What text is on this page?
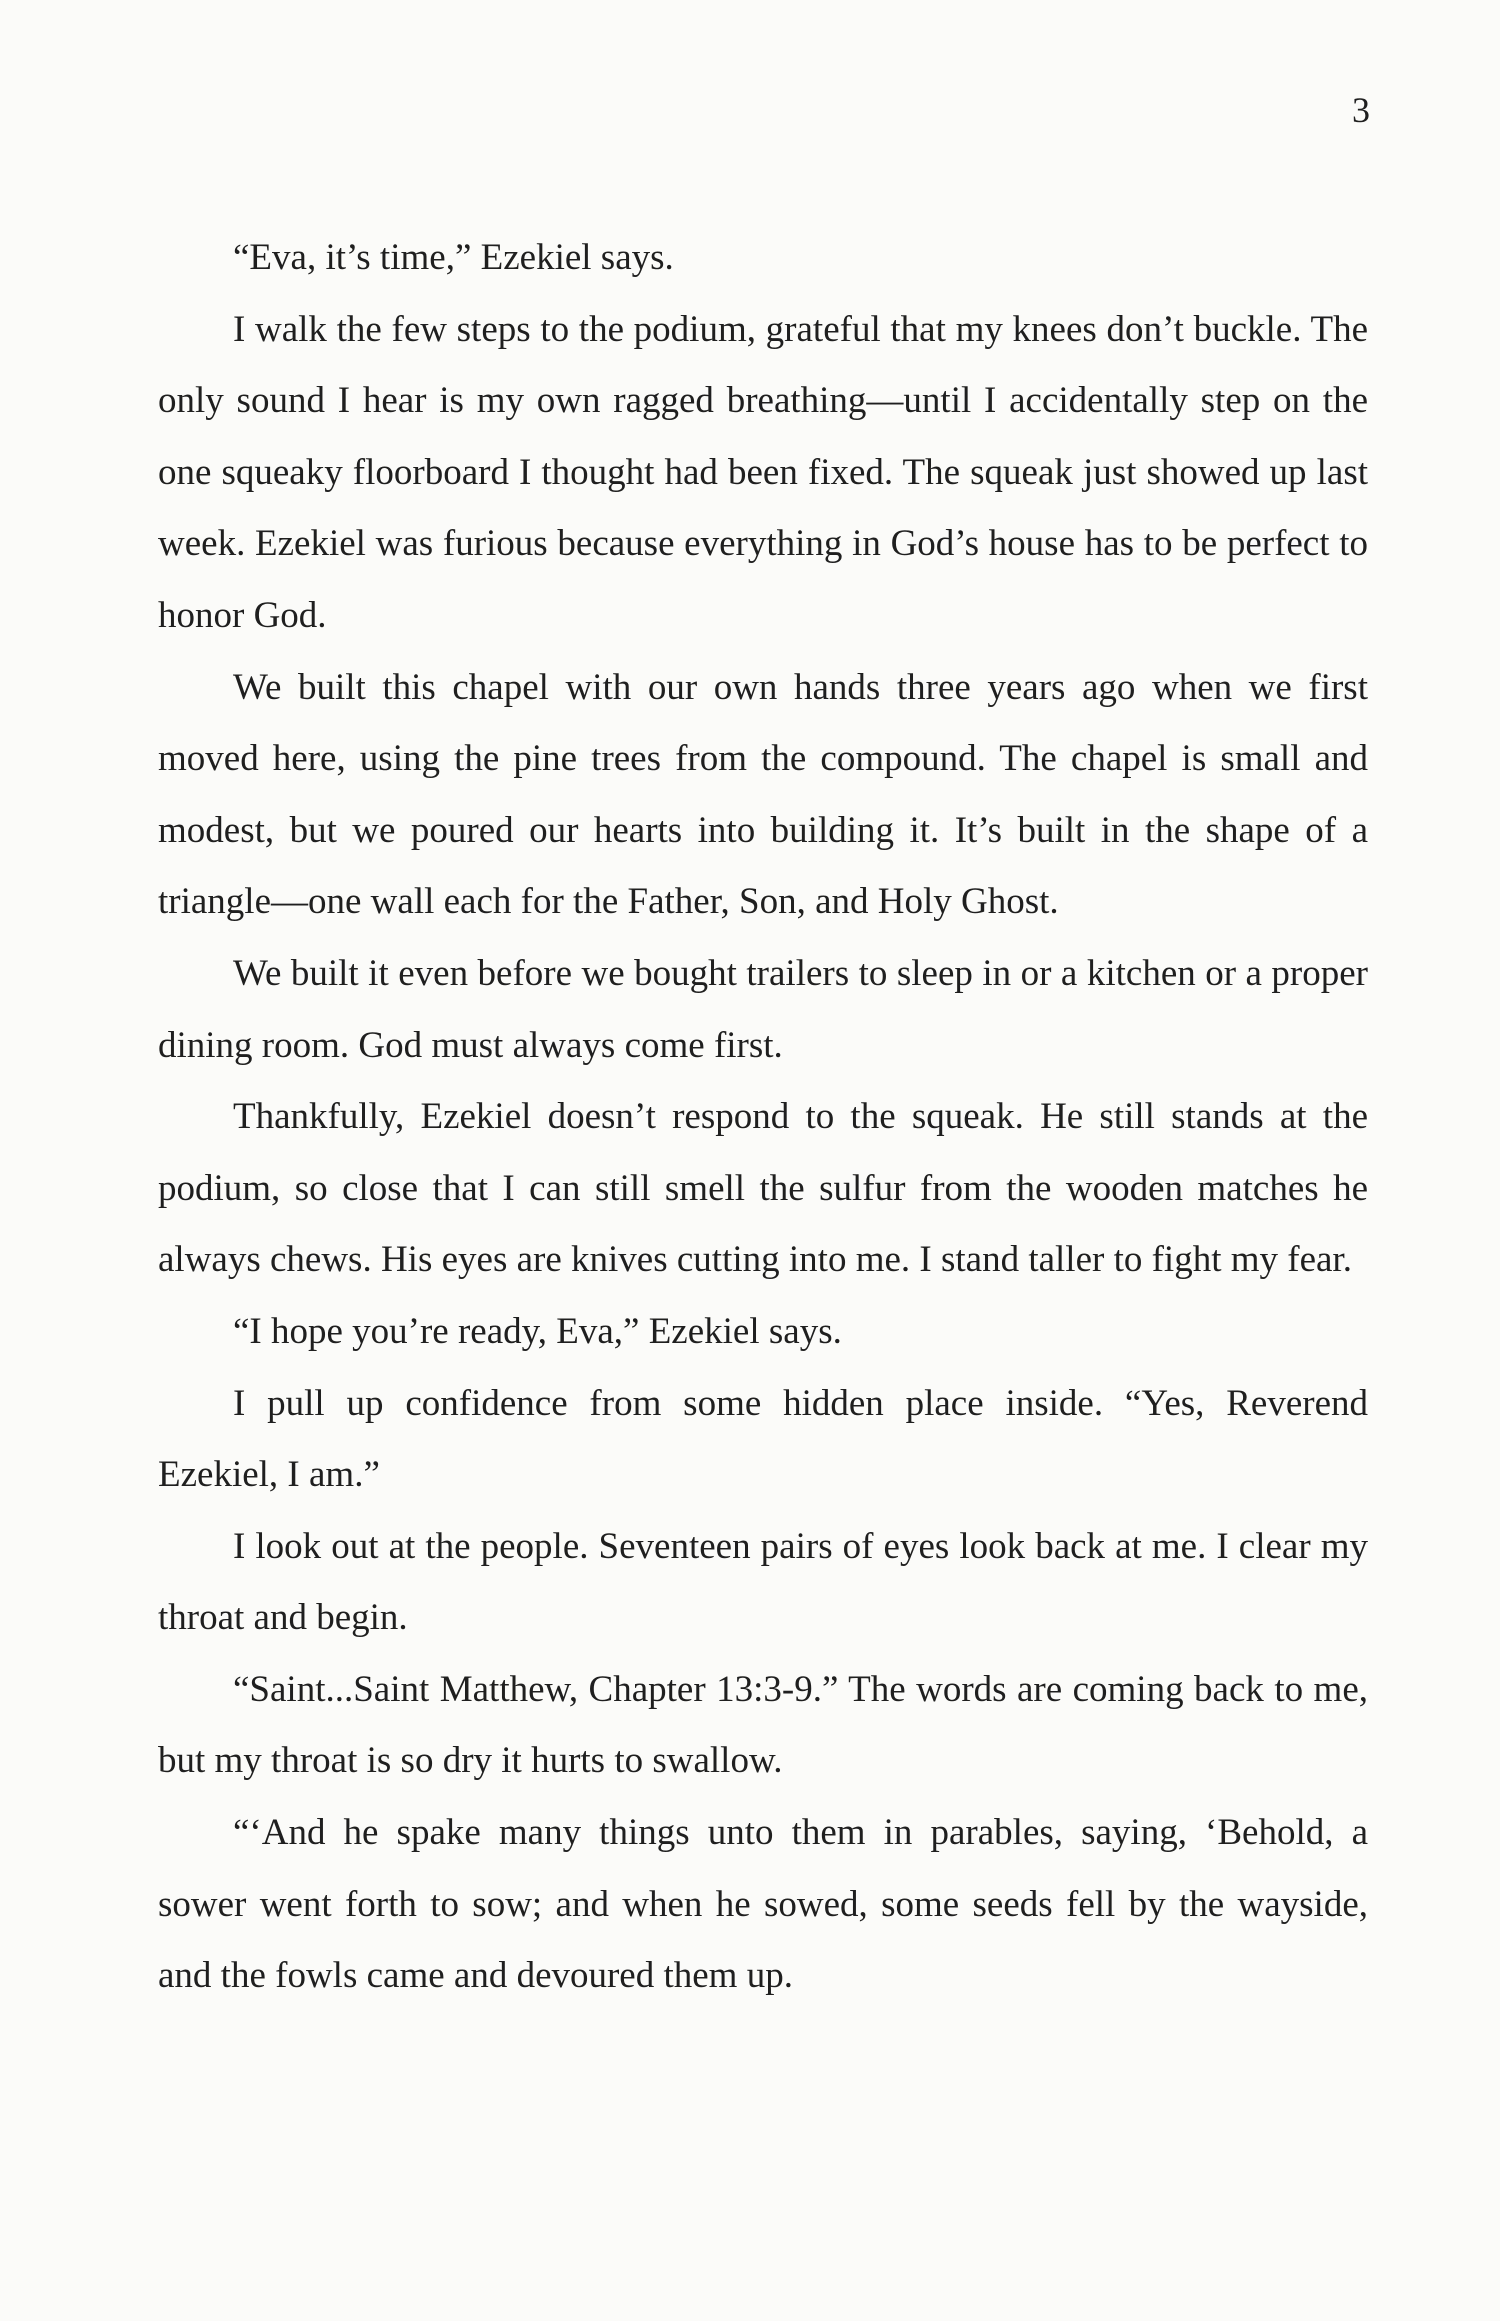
3

“Eva, it’s time,” Ezekiel says.

I walk the few steps to the podium, grateful that my knees don’t buckle. The only sound I hear is my own ragged breathing—until I accidentally step on the one squeaky floorboard I thought had been fixed. The squeak just showed up last week. Ezekiel was furious because everything in God’s house has to be perfect to honor God.

We built this chapel with our own hands three years ago when we first moved here, using the pine trees from the compound. The chapel is small and modest, but we poured our hearts into building it. It’s built in the shape of a triangle—one wall each for the Father, Son, and Holy Ghost.

We built it even before we bought trailers to sleep in or a kitchen or a proper dining room. God must always come first.

Thankfully, Ezekiel doesn’t respond to the squeak. He still stands at the podium, so close that I can still smell the sulfur from the wooden matches he always chews. His eyes are knives cutting into me. I stand taller to fight my fear.

“I hope you’re ready, Eva,” Ezekiel says.

I pull up confidence from some hidden place inside. “Yes, Reverend Ezekiel, I am.”

I look out at the people. Seventeen pairs of eyes look back at me. I clear my throat and begin.

“Saint...Saint Matthew, Chapter 13:3-9.” The words are coming back to me, but my throat is so dry it hurts to swallow.

“‘And he spake many things unto them in parables, saying, ‘Behold, a sower went forth to sow; and when he sowed, some seeds fell by the wayside, and the fowls came and devoured them up.
